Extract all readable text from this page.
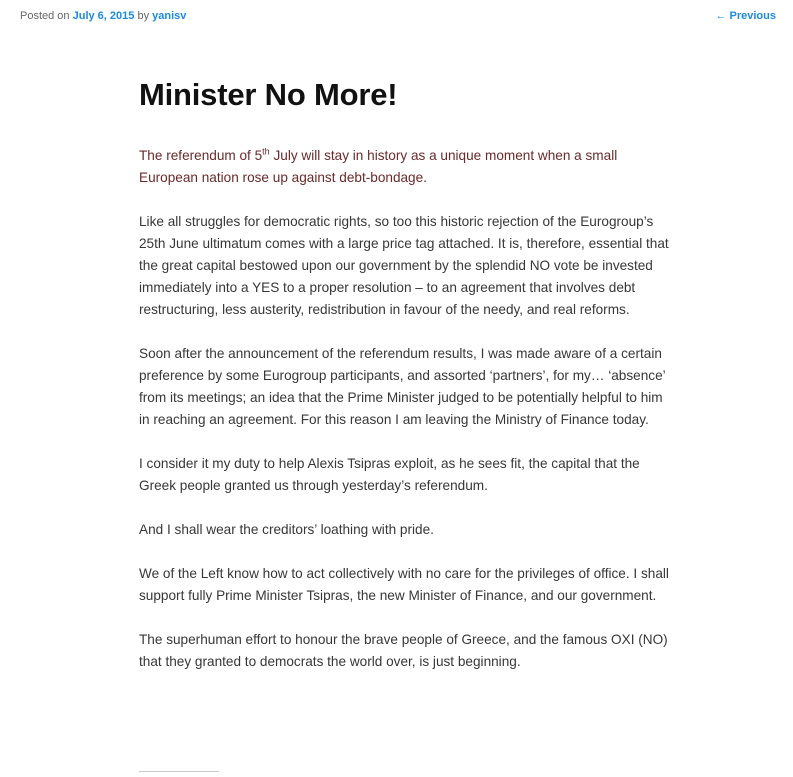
Posted on July 6, 2015 by yanisv	← Previous
Minister No More!

The referendum of 5th July will stay in history as a unique moment when a small European nation rose up against debt-bondage.

Like all struggles for democratic rights, so too this historic rejection of the Eurogroup’s 25th June ultimatum comes with a large price tag attached. It is, therefore, essential that the great capital bestowed upon our government by the splendid NO vote be invested immediately into a YES to a proper resolution – to an agreement that involves debt restructuring, less austerity, redistribution in favour of the needy, and real reforms.

Soon after the announcement of the referendum results, I was made aware of a certain preference by some Eurogroup participants, and assorted ‘partners’, for my… ‘absence’ from its meetings; an idea that the Prime Minister judged to be potentially helpful to him in reaching an agreement. For this reason I am leaving the Ministry of Finance today.

I consider it my duty to help Alexis Tsipras exploit, as he sees fit, the capital that the Greek people granted us through yesterday’s referendum.

And I shall wear the creditors’ loathing with pride.

We of the Left know how to act collectively with no care for the privileges of office. I shall support fully Prime Minister Tsipras, the new Minister of Finance, and our government.

The superhuman effort to honour the brave people of Greece, and the famous OXI (NO) that they granted to democrats the world over, is just beginning.
